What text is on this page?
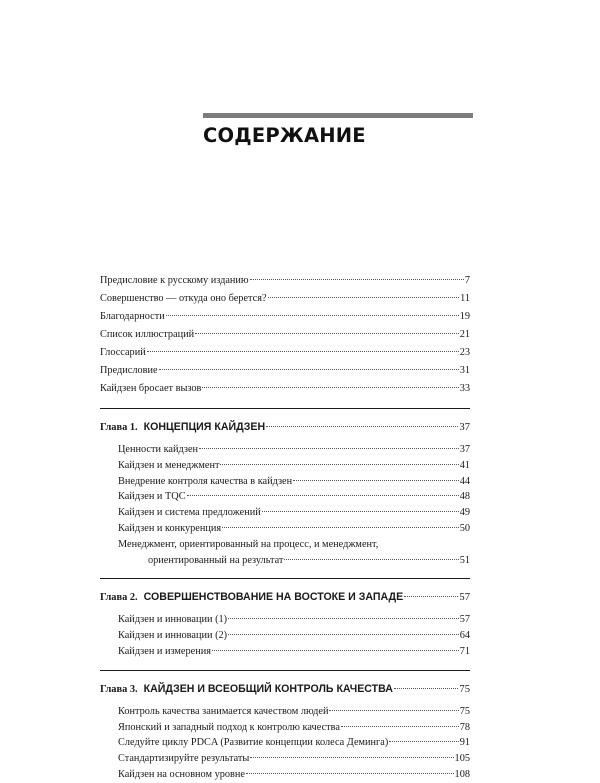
СОДЕРЖАНИЕ
Предисловие к русскому изданию	7
Совершенство — откуда оно берется?	11
Благодарности	19
Список иллюстраций	21
Глоссарий	23
Предисловие	31
Кайдзен бросает вызов	33
Глава 1. КОНЦЕПЦИЯ КАЙДЗЕН	37
Ценности кайдзен	37
Кайдзен и менеджмент	41
Внедрение контроля качества в кайдзен	44
Кайдзен и TQC	48
Кайдзен и система предложений	49
Кайдзен и конкуренция	50
Менеджмент, ориентированный на процесс, и менеджмент,
ориентированный на результат	51
Глава 2. СОВЕРШЕНСТВОВАНИЕ НА ВОСТОКЕ И ЗАПАДЕ	57
Кайдзен и инновации (1)	57
Кайдзен и инновации (2)	64
Кайдзен и измерения	71
Глава 3. КАЙДЗЕН И ВСЕОБЩИЙ КОНТРОЛЬ КАЧЕСТВА	75
Контроль качества занимается качеством людей	75
Японский и западный подход к контролю качества	78
Следуйте циклу PDCA (Развитие концепции колеса Деминга)	91
Стандартизируйте результаты	105
Кайдзен на основном уровне	108
